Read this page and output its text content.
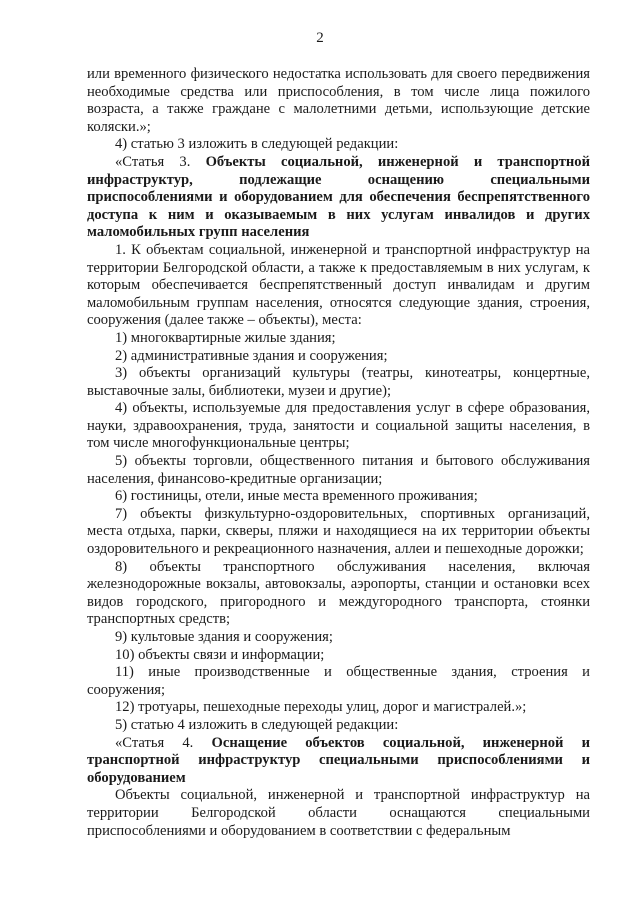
2

или временного физического недостатка использовать для своего передвижения необходимые средства или приспособления, в том числе лица пожилого возраста, а также граждане с малолетними детьми, использующие детские коляски.»;

4) статью 3 изложить в следующей редакции:

«Статья 3. Объекты социальной, инженерной и транспортной инфраструктур, подлежащие оснащению специальными приспособлениями и оборудованием для обеспечения беспрепятственного доступа к ним и оказываемым в них услугам инвалидов и других маломобильных групп населения

1. К объектам социальной, инженерной и транспортной инфраструктур на территории Белгородской области, а также к предоставляемым в них услугам, к которым обеспечивается беспрепятственный доступ инвалидам и другим маломобильным группам населения, относятся следующие здания, строения, сооружения (далее также – объекты), места:

1) многоквартирные жилые здания;

2) административные здания и сооружения;

3) объекты организаций культуры (театры, кинотеатры, концертные, выставочные залы, библиотеки, музеи и другие);

4) объекты, используемые для предоставления услуг в сфере образования, науки, здравоохранения, труда, занятости и социальной защиты населения, в том числе многофункциональные центры;

5) объекты торговли, общественного питания и бытового обслуживания населения, финансово-кредитные организации;

6) гостиницы, отели, иные места временного проживания;

7) объекты физкультурно-оздоровительных, спортивных организаций, места отдыха, парки, скверы, пляжи и находящиеся на их территории объекты оздоровительного и рекреационного назначения, аллеи и пешеходные дорожки;

8) объекты транспортного обслуживания населения, включая железнодорожные вокзалы, автовокзалы, аэропорты, станции и остановки всех видов городского, пригородного и междугородного транспорта, стоянки транспортных средств;

9) культовые здания и сооружения;

10) объекты связи и информации;

11) иные производственные и общественные здания, строения и сооружения;

12) тротуары, пешеходные переходы улиц, дорог и магистралей.»;

5) статью 4 изложить в следующей редакции:

«Статья 4. Оснащение объектов социальной, инженерной и транспортной инфраструктур специальными приспособлениями и оборудованием

Объекты социальной, инженерной и транспортной инфраструктур на территории Белгородской области оснащаются специальными приспособлениями и оборудованием в соответствии с федеральным
